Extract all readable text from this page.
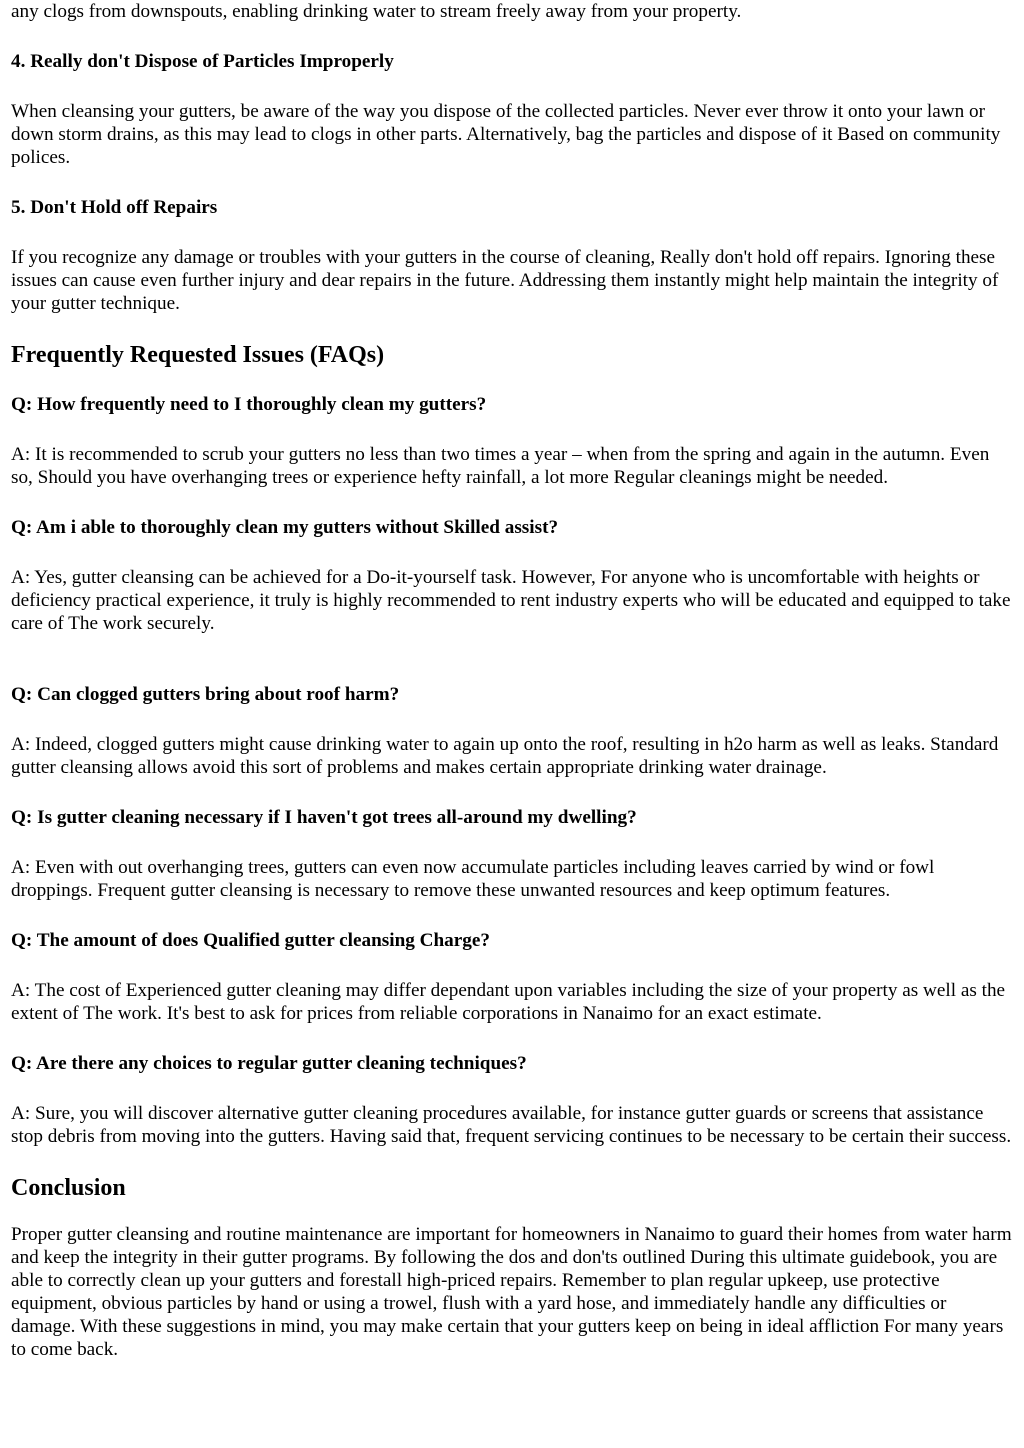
any clogs from downspouts, enabling drinking water to stream freely away from your property.

4. Really don't Dispose of Particles Improperly

When cleansing your gutters, be aware of the way you dispose of the collected particles. Never ever throw it onto your lawn or down storm drains, as this may lead to clogs in other parts. Alternatively, bag the particles and dispose of it Based on community polices.

5. Don't Hold off Repairs

If you recognize any damage or troubles with your gutters in the course of cleaning, Really don't hold off repairs. Ignoring these issues can cause even further injury and dear repairs in the future. Addressing them instantly might help maintain the integrity of your gutter technique.

Frequently Requested Issues (FAQs)
Q: How frequently need to I thoroughly clean my gutters?

A: It is recommended to scrub your gutters no less than two times a year – when from the spring and again in the autumn. Even so, Should you have overhanging trees or experience hefty rainfall, a lot more Regular cleanings might be needed.

Q: Am i able to thoroughly clean my gutters without Skilled assist?

A: Yes, gutter cleansing can be achieved for a Do-it-yourself task. However, For anyone who is uncomfortable with heights or deficiency practical experience, it truly is highly recommended to rent industry experts who will be educated and equipped to take care of The work securely.

Q: Can clogged gutters bring about roof harm?

A: Indeed, clogged gutters might cause drinking water to again up onto the roof, resulting in h2o harm as well as leaks. Standard gutter cleansing allows avoid this sort of problems and makes certain appropriate drinking water drainage.

Q: Is gutter cleaning necessary if I haven't got trees all-around my dwelling?

A: Even with out overhanging trees, gutters can even now accumulate particles including leaves carried by wind or fowl droppings. Frequent gutter cleansing is necessary to remove these unwanted resources and keep optimum features.

Q: The amount of does Qualified gutter cleansing Charge?

A: The cost of Experienced gutter cleaning may differ dependant upon variables including the size of your property as well as the extent of The work. It's best to ask for prices from reliable corporations in Nanaimo for an exact estimate.

Q: Are there any choices to regular gutter cleaning techniques?

A: Sure, you will discover alternative gutter cleaning procedures available, for instance gutter guards or screens that assistance stop debris from moving into the gutters. Having said that, frequent servicing continues to be necessary to be certain their success.

Conclusion

Proper gutter cleansing and routine maintenance are important for homeowners in Nanaimo to guard their homes from water harm and keep the integrity in their gutter programs. By following the dos and don'ts outlined During this ultimate guidebook, you are able to correctly clean up your gutters and forestall high-priced repairs. Remember to plan regular upkeep, use protective equipment, obvious particles by hand or using a trowel, flush with a yard hose, and immediately handle any difficulties or damage. With these suggestions in mind, you may make certain that your gutters keep on being in ideal affliction For many years to come back.
